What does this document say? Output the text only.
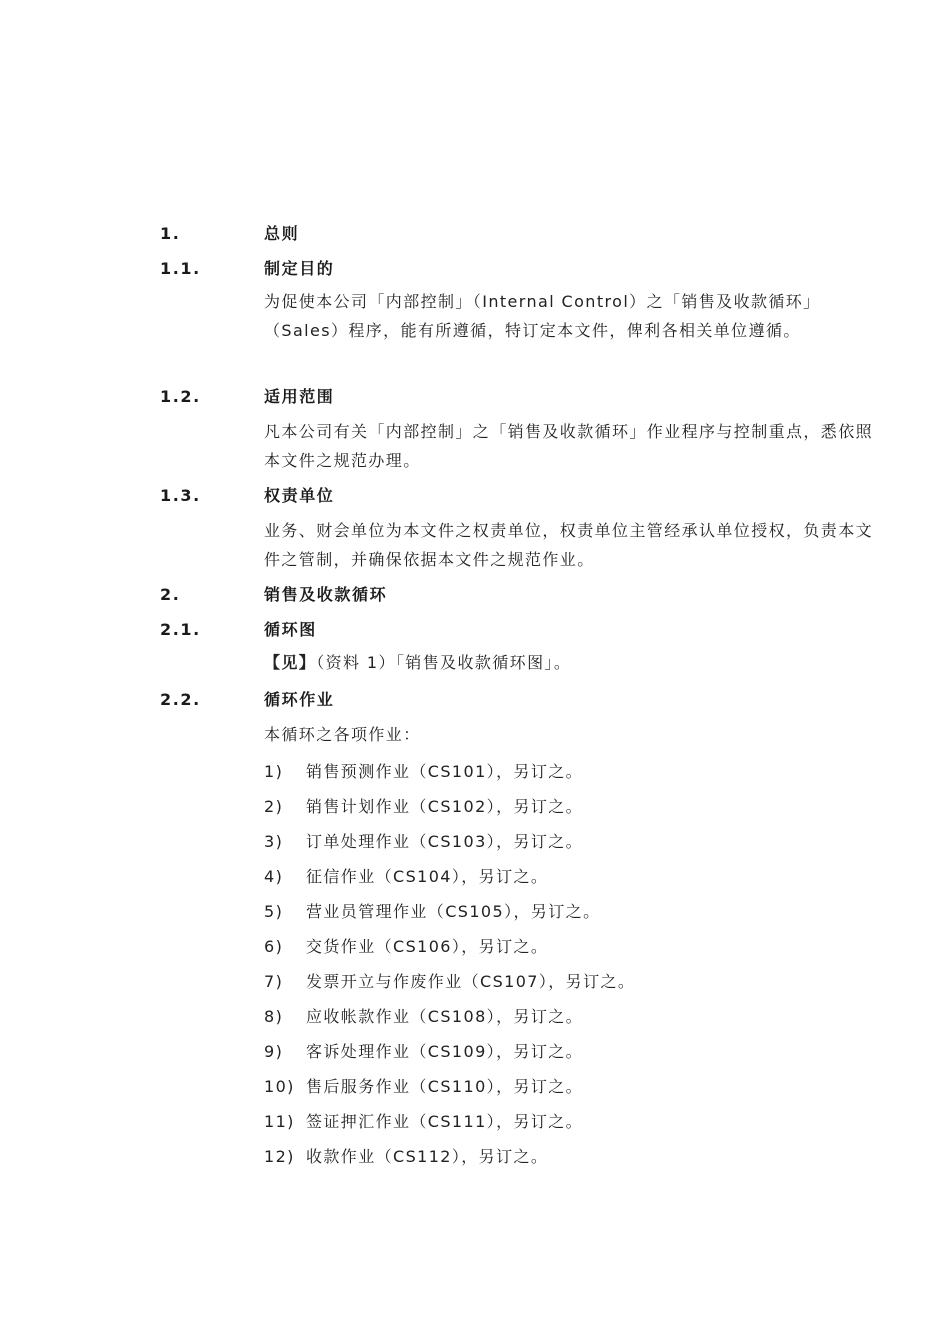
1.	总则
1.1.	制定目的
为促使本公司「内部控制」（Internal Control）之「销售及收款循环」（Sales）程序，能有所遵循，特订定本文件，俾利各相关单位遵循。
1.2.	适用范围
凡本公司有关「内部控制」之「销售及收款循环」作业程序与控制重点，悉依照本文件之规范办理。
1.3.	权责单位
业务、财会单位为本文件之权责单位，权责单位主管经承认单位授权，负责本文件之管制，并确保依据本文件之规范作业。
2.	销售及收款循环
2.1.	循环图
【见】（资料 1）「销售及收款循环图」。
2.2.	循环作业
本循环之各项作业：
1)	销售预测作业（CS101），另订之。
2)	销售计划作业（CS102），另订之。
3)	订单处理作业（CS103），另订之。
4)	征信作业（CS104），另订之。
5)	营业员管理作业（CS105），另订之。
6)	交货作业（CS106），另订之。
7)	发票开立与作废作业（CS107），另订之。
8)	应收帐款作业（CS108），另订之。
9)	客诉处理作业（CS109），另订之。
10) 售后服务作业（CS110），另订之。
11) 签证押汇作业（CS111），另订之。
12) 收款作业（CS112），另订之。
